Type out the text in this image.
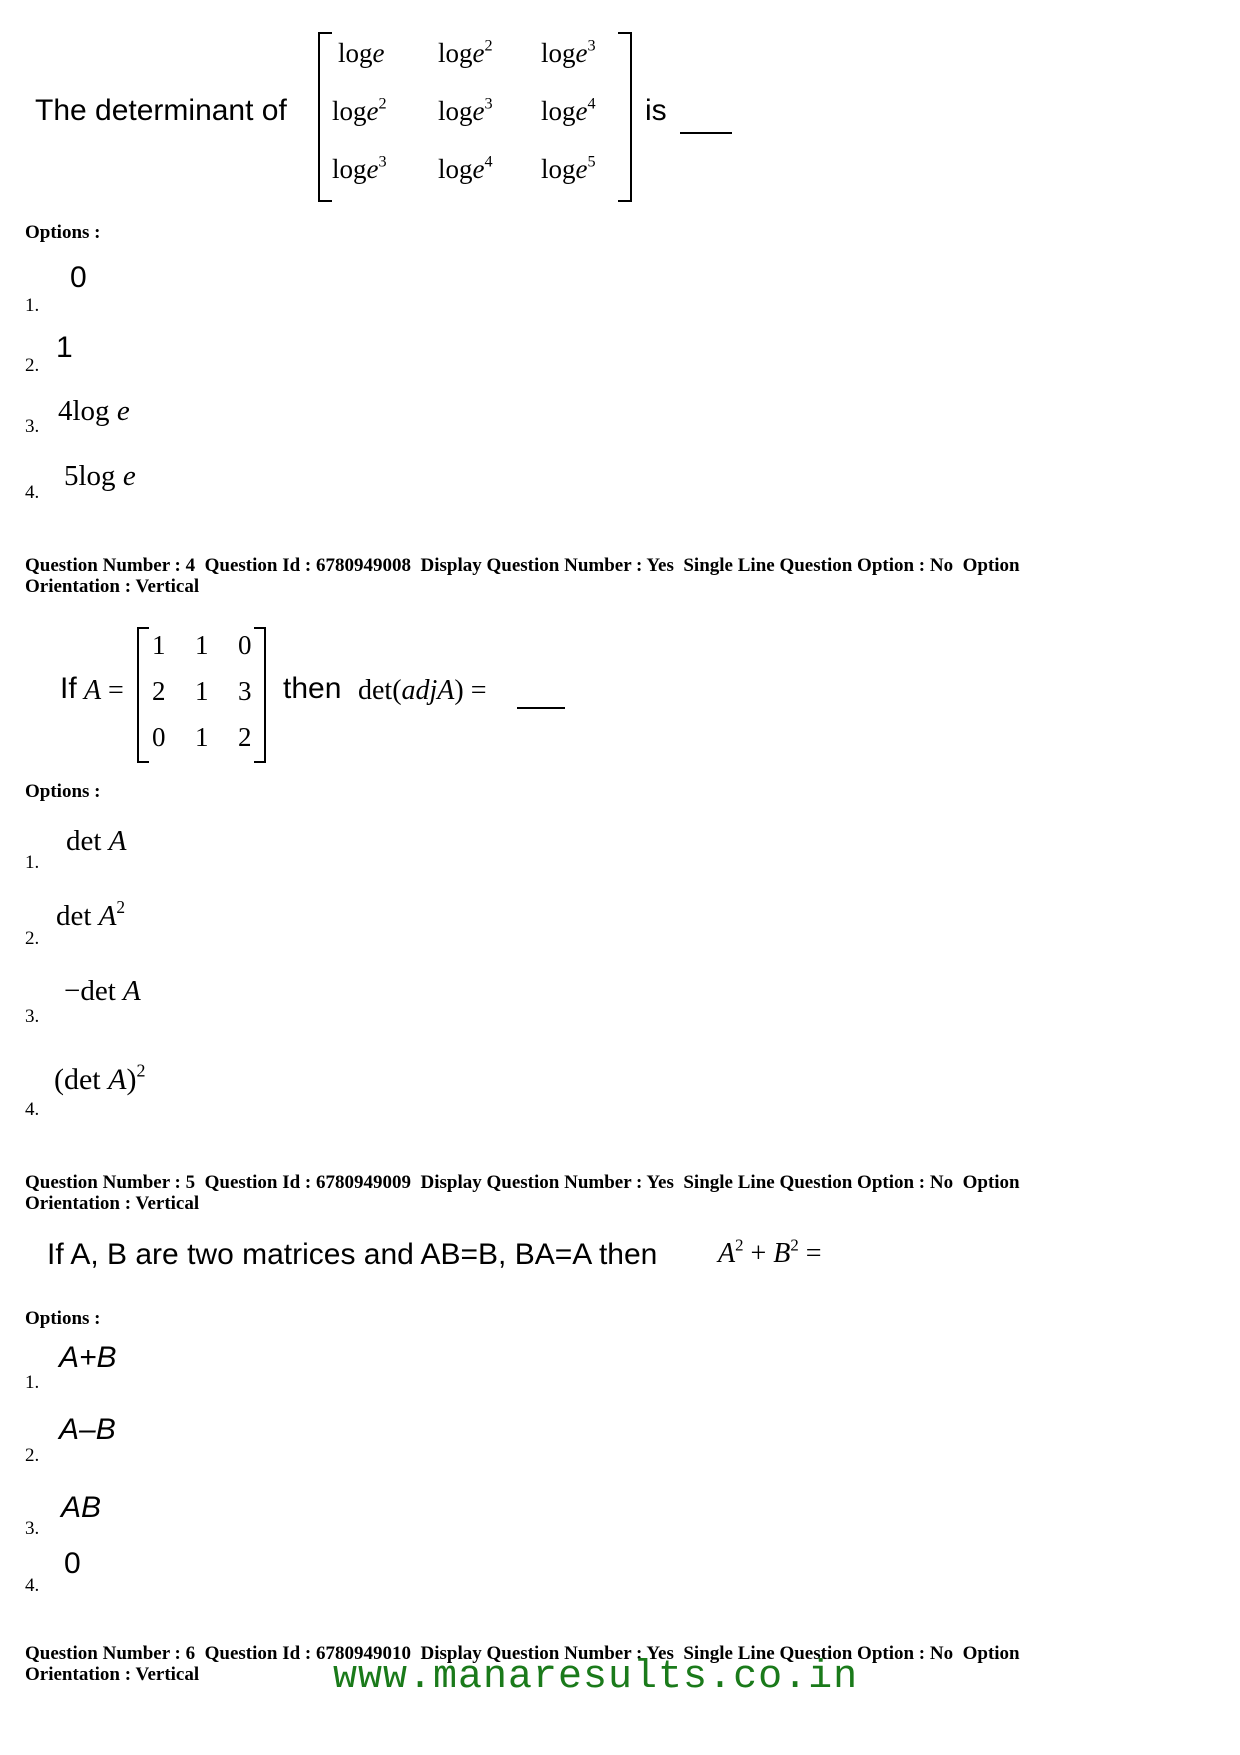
The determinant of
loge loge$^2$ loge$^3$
loge$^2$ loge$^3$ loge$^4$
loge$^3$ loge$^4$ loge$^5$
is
Options :
1.
0
2.
1
3. 4log e
4.
5log e
Question Number : 4  Question Id : 6780949008  Display Question Number : Yes  Single Line Question Option : No  Option
Orientation : Vertical
If A =
1 1 0
2 1 3
0 1 2
then det(adjA) =
Options :
1.
det A
2.
$\det A^2$
3.
−det A
4.
(det A)$^2$
Question Number : 5  Question Id : 6780949009  Display Question Number : Yes  Single Line Question Option : No  Option
Orientation : Vertical
If A, B are two matrices and AB=B, BA=A then $A^2 + B^2$ =
Options :
1.
A+B
2.
A–B
3.
AB
4.
0
Question Number : 6  Question Id : 6780949010  Display Question Number : Yes  Single Line Question Option : No  Option
Orientation : Vertical	www.manaresults.co.in
